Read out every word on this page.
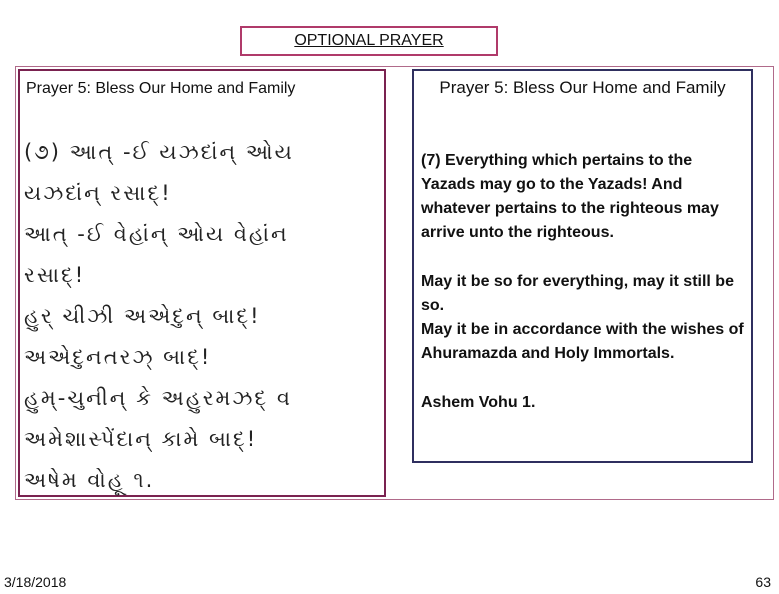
OPTIONAL PRAYER
Prayer 5: Bless Our Home and Family
(૭) આત્ -ઈ યઝદાંન્ ઓય
યઝદાંન્ રસાદ્!
આત્ -ઈ વેહાંન્ ઓય વેહાંન
રસાદ્!
હુર્ ચીઝી અએદુન્ બાદ્!
અએદુનતરઝ્ બાદ્!
હુમ્-ચુનીન્ કે અહુરમઝદ્ વ
અમેશાસ્પેંદાન્ કામે બાદ્!
અષેમ વોહૂ ૧.
Prayer 5: Bless Our Home and Family

(7) Everything which pertains to the Yazads may go to the Yazads! And whatever pertains to the righteous may arrive unto the righteous.

May it be so for everything, may it still be so.

May it be in accordance with the wishes of Ahuramazda and Holy Immortals.

Ashem Vohu 1.

3/18/2018	63
